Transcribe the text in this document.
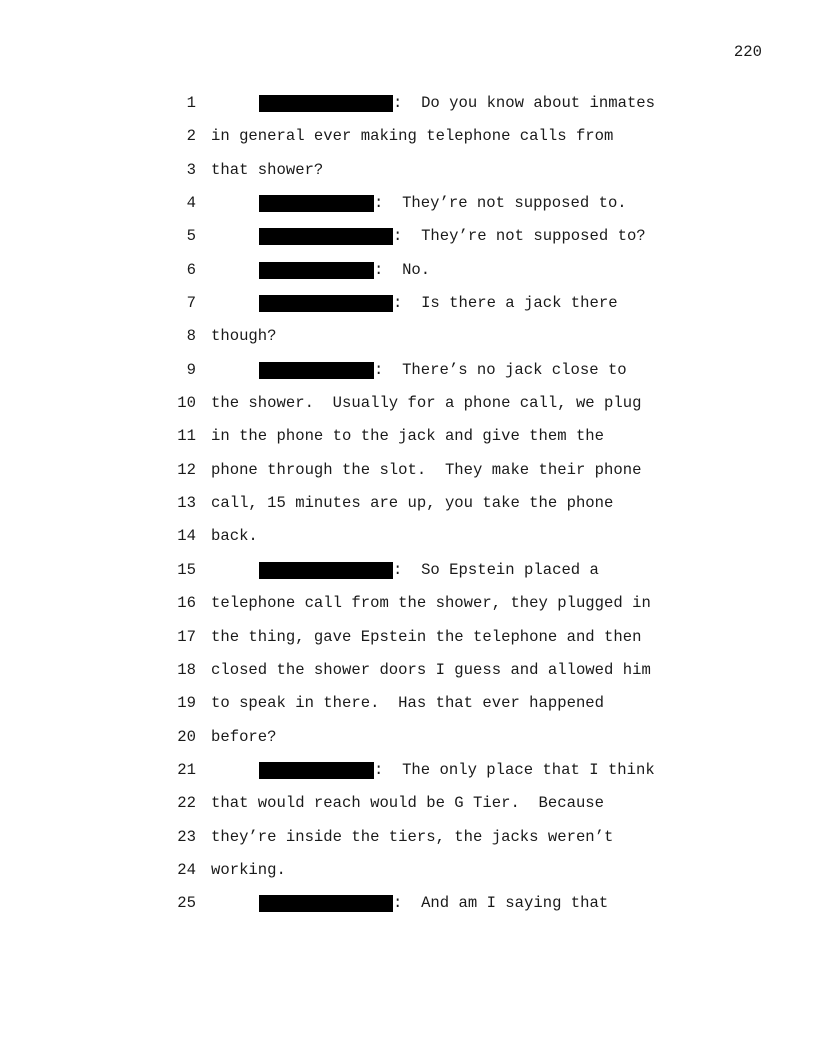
220
1	:  Do you know about inmates
2 in general ever making telephone calls from
3 that shower?
4	:  They’re not supposed to.
5	:  They’re not supposed to?
6	:  No.
7	:  Is there a jack there
8 though?
9	:  There’s no jack close to
10 the shower.  Usually for a phone call, we plug
11 in the phone to the jack and give them the
12 phone through the slot.  They make their phone
13 call, 15 minutes are up, you take the phone
14 back.
15	:  So Epstein placed a
16 telephone call from the shower, they plugged in
17 the thing, gave Epstein the telephone and then
18 closed the shower doors I guess and allowed him
19 to speak in there.  Has that ever happened
20 before?
21	:  The only place that I think
22 that would reach would be G Tier.  Because
23 they’re inside the tiers, the jacks weren’t
24 working.
25	:  And am I saying that
